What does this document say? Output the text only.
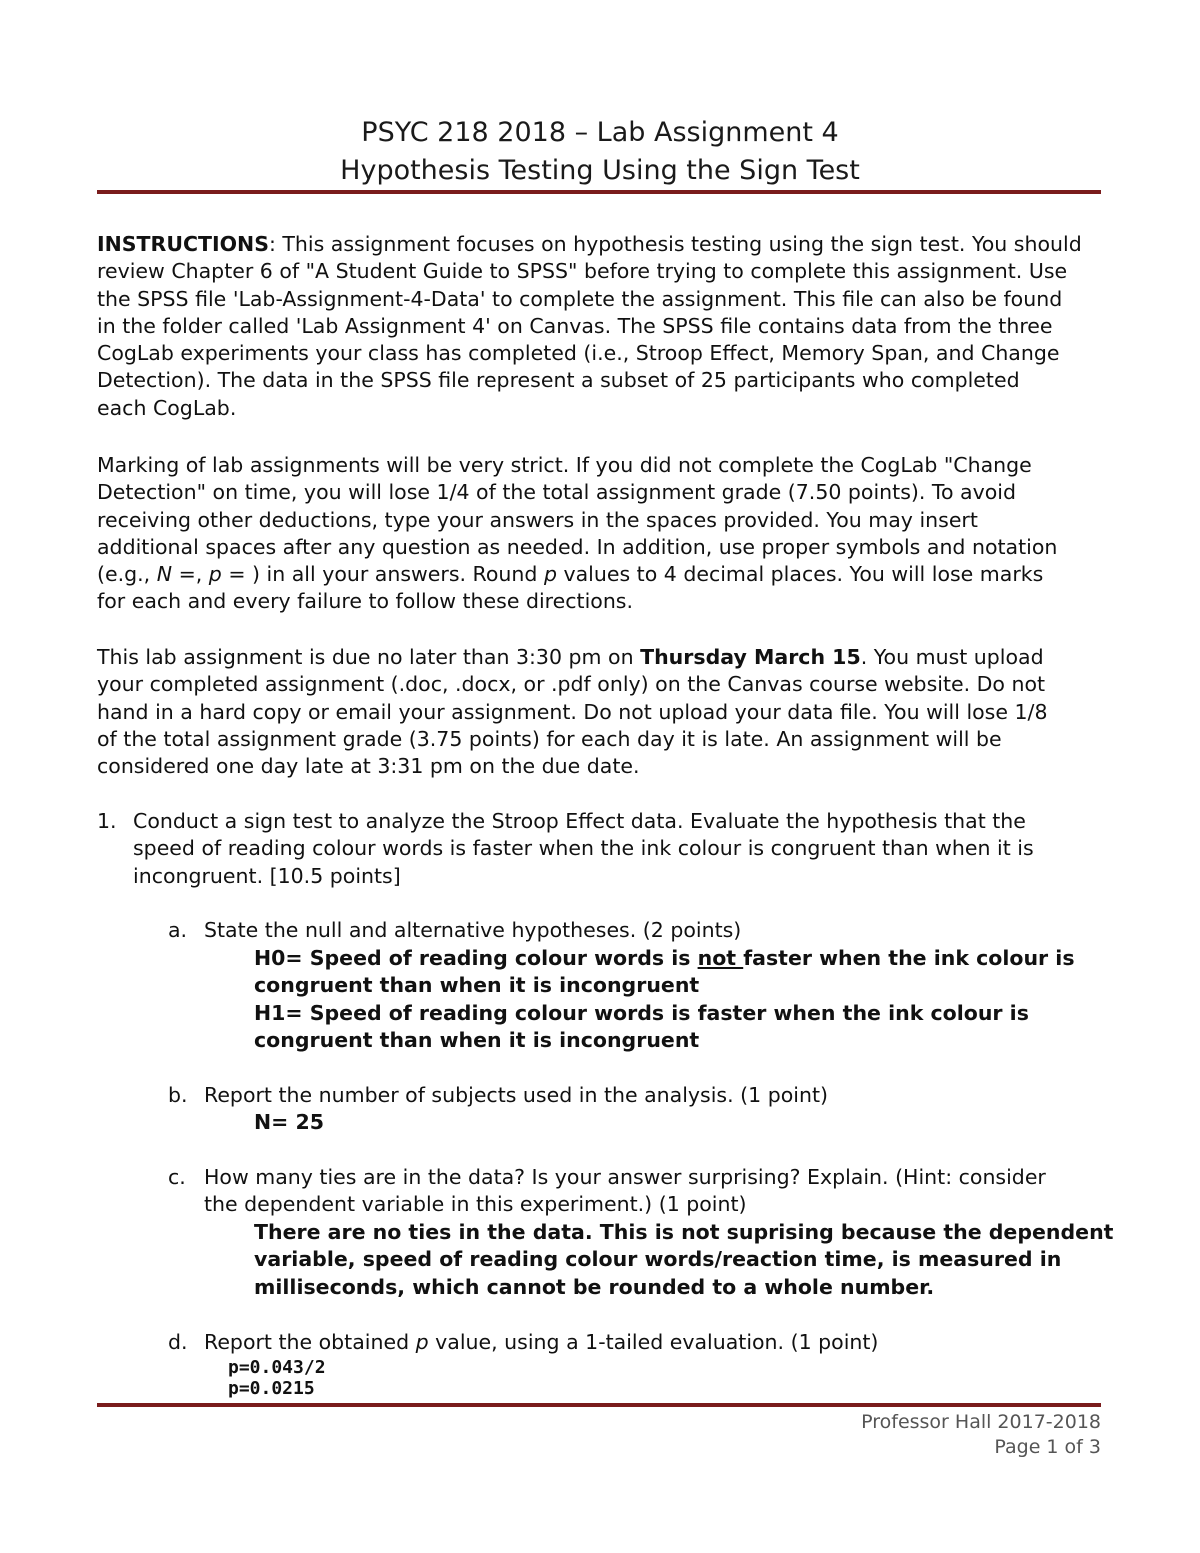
PSYC 218 2018 – Lab Assignment 4
Hypothesis Testing Using the Sign Test
INSTRUCTIONS: This assignment focuses on hypothesis testing using the sign test. You should
review Chapter 6 of "A Student Guide to SPSS" before trying to complete this assignment. Use
the SPSS file 'Lab-Assignment-4-Data' to complete the assignment. This file can also be found
in the folder called 'Lab Assignment 4' on Canvas. The SPSS file contains data from the three
CogLab experiments your class has completed (i.e., Stroop Effect, Memory Span, and Change
Detection). The data in the SPSS file represent a subset of 25 participants who completed
each CogLab.
Marking of lab assignments will be very strict. If you did not complete the CogLab "Change
Detection" on time, you will lose 1/4 of the total assignment grade (7.50 points). To avoid
receiving other deductions, type your answers in the spaces provided. You may insert
additional spaces after any question as needed. In addition, use proper symbols and notation
(e.g., N =, p = ) in all your answers. Round p values to 4 decimal places. You will lose marks
for each and every failure to follow these directions.
This lab assignment is due no later than 3:30 pm on Thursday March 15. You must upload
your completed assignment (.doc, .docx, or .pdf only) on the Canvas course website. Do not
hand in a hard copy or email your assignment. Do not upload your data file. You will lose 1/8
of the total assignment grade (3.75 points) for each day it is late. An assignment will be
considered one day late at 3:31 pm on the due date.
1. Conduct a sign test to analyze the Stroop Effect data. Evaluate the hypothesis that the
speed of reading colour words is faster when the ink colour is congruent than when it is
incongruent. [10.5 points]
a. State the null and alternative hypotheses. (2 points)
H0= Speed of reading colour words is not faster when the ink colour is
congruent than when it is incongruent
H1= Speed of reading colour words is faster when the ink colour is
congruent than when it is incongruent
b. Report the number of subjects used in the analysis. (1 point)
N= 25
c. How many ties are in the data? Is your answer surprising? Explain. (Hint: consider
the dependent variable in this experiment.) (1 point)
There are no ties in the data. This is not suprising because the dependent
variable, speed of reading colour words/reaction time, is measured in
milliseconds, which cannot be rounded to a whole number.
d. Report the obtained p value, using a 1-tailed evaluation. (1 point)
p=0.043/2
p=0.0215
Professor Hall 2017-2018
Page 1 of 3
